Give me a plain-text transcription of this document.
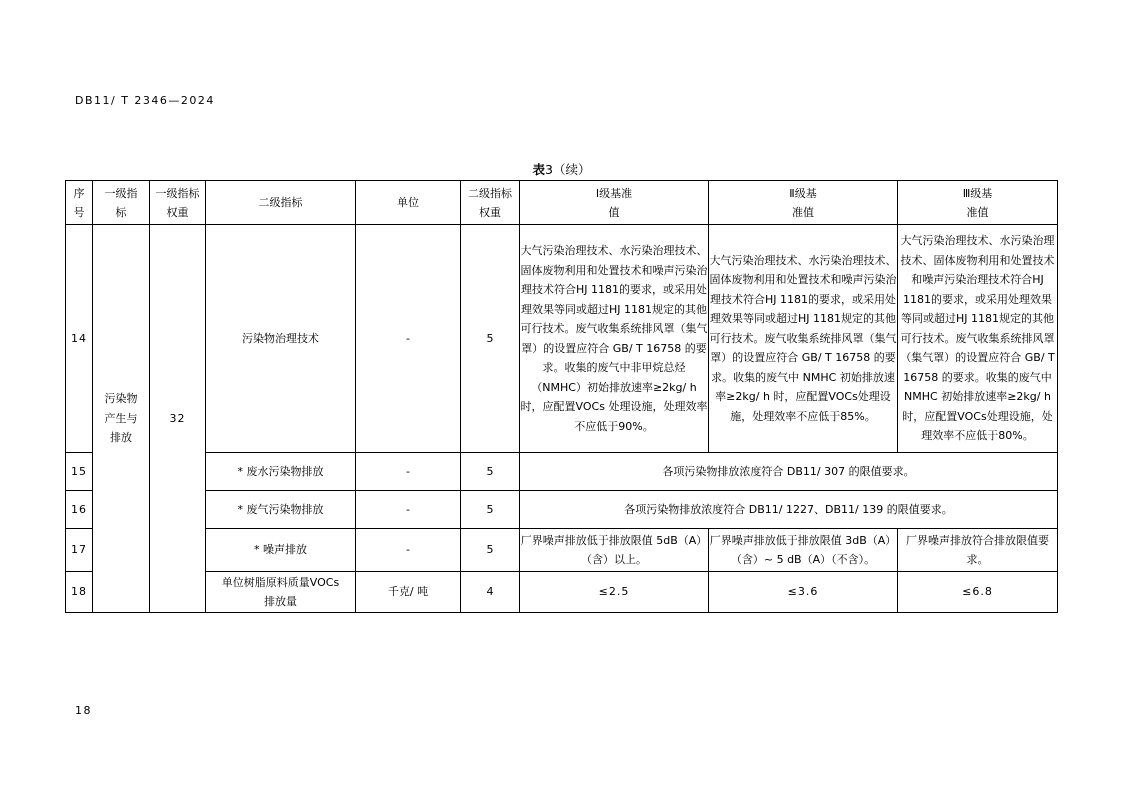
DB11/ T 2346—2024
表3（续）
序号	一级指标	一级指标权重	二级指标	单位	二级指标权重	Ⅰ级基准值	Ⅱ级基准值	Ⅲ级基准值
14	污染物产生与排放	32	污染物治理技术	-	5	大气污染治理技术、水污染治理技术、固体废物利用和处置技术和噪声污染治理技术符合HJ 1181的要求，或采用处理效果等同或超过HJ 1181规定的其他可行技术。废气收集系统排风罩（集气罩）的设置应符合 GB/ T 16758 的要求。收集的废气中非甲烷总烃（NMHC）初始排放速率≥2kg/ h 时，应配置VOCs 处理设施，处理效率不应低于90%。	大气污染治理技术、水污染治理技术、固体废物利用和处置技术和噪声污染治理技术符合HJ 1181的要求，或采用处理效果等同或超过HJ 1181规定的其他可行技术。废气收集系统排风罩（集气罩）的设置应符合 GB/ T 16758 的要求。收集的废气中 NMHC 初始排放速率≥2kg/ h 时，应配置VOCs处理设施，处理效率不应低于85%。	大气污染治理技术、水污染治理技术、固体废物利用和处置技术和噪声污染治理技术符合HJ 1181的要求，或采用处理效果等同或超过HJ 1181规定的其他可行技术。废气收集系统排风罩（集气罩）的设置应符合 GB/ T 16758 的要求。收集的废气中 NMHC 初始排放速率≥2kg/ h 时，应配置VOCs处理设施，处理效率不应低于80%。
15			* 废水污染物排放	-	5	各项污染物排放浓度符合 DB11/ 307 的限值要求。		
16			* 废气污染物排放	-	5	各项污染物排放浓度符合 DB11/ 1227、DB11/ 139 的限值要求。		
17			* 噪声排放	-	5	厂界噪声排放低于排放限值 5dB（A）（含）以上。	厂界噪声排放低于排放限值 3dB（A）（含）~ 5 dB（A）（不含）。	厂界噪声排放符合排放限值要求。
18			单位树脂原料质量VOCs 排放量	千克/ 吨	4	≤2.5	≤3.6	≤6.8
18
